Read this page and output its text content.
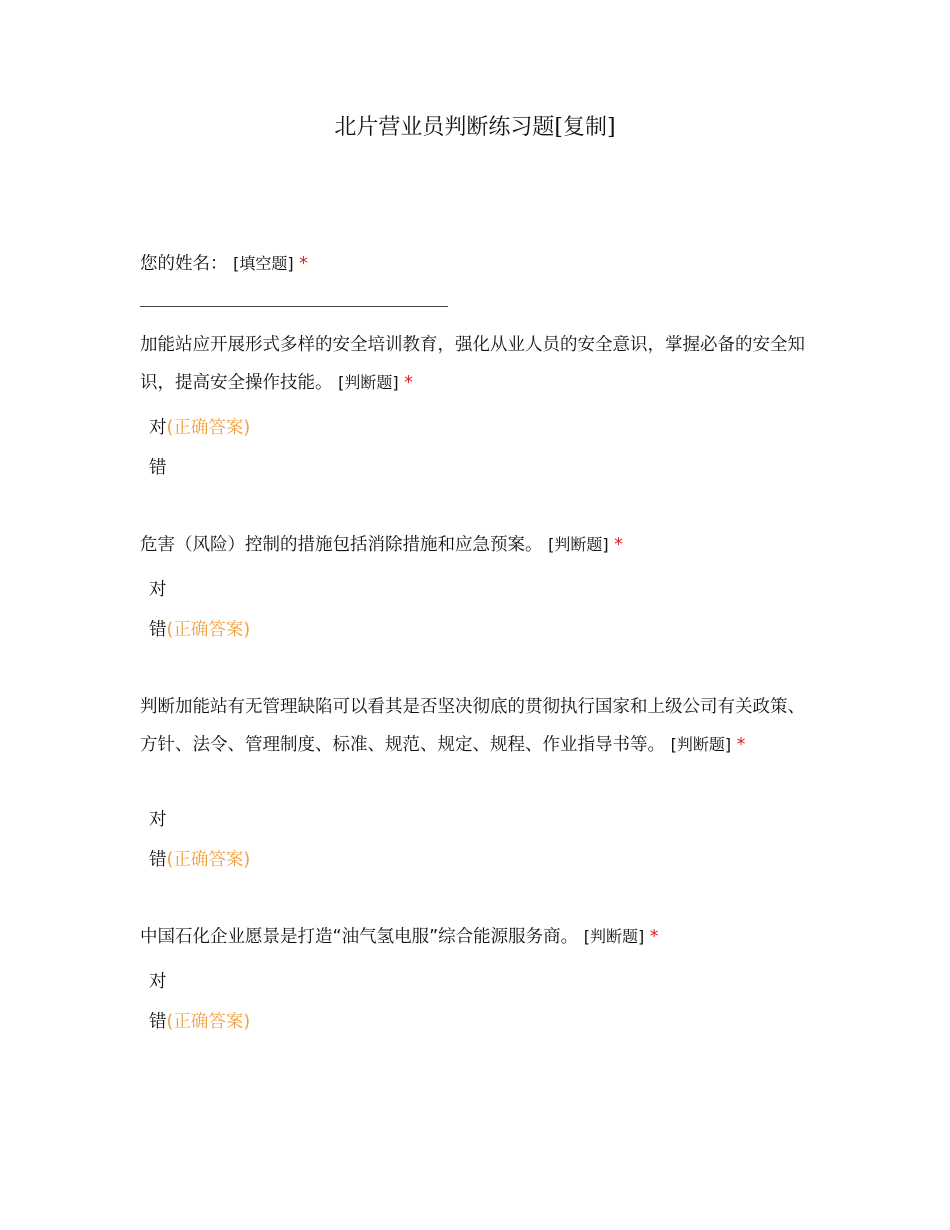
北片营业员判断练习题[复制]
您的姓名： [填空题] *
加能站应开展形式多样的安全培训教育，强化从业人员的安全意识，掌握必备的安全知识，提高安全操作技能。 [判断题] *
对(正确答案)
错
危害（风险）控制的措施包括消除措施和应急预案。 [判断题] *
对
错(正确答案)
判断加能站有无管理缺陷可以看其是否坚决彻底的贯彻执行国家和上级公司有关政策、方针、法令、管理制度、标准、规范、规定、规程、作业指导书等。 [判断题] *
对
错(正确答案)
中国石化企业愿景是打造“油气氢电服”综合能源服务商。 [判断题] *
对
错(正确答案)
